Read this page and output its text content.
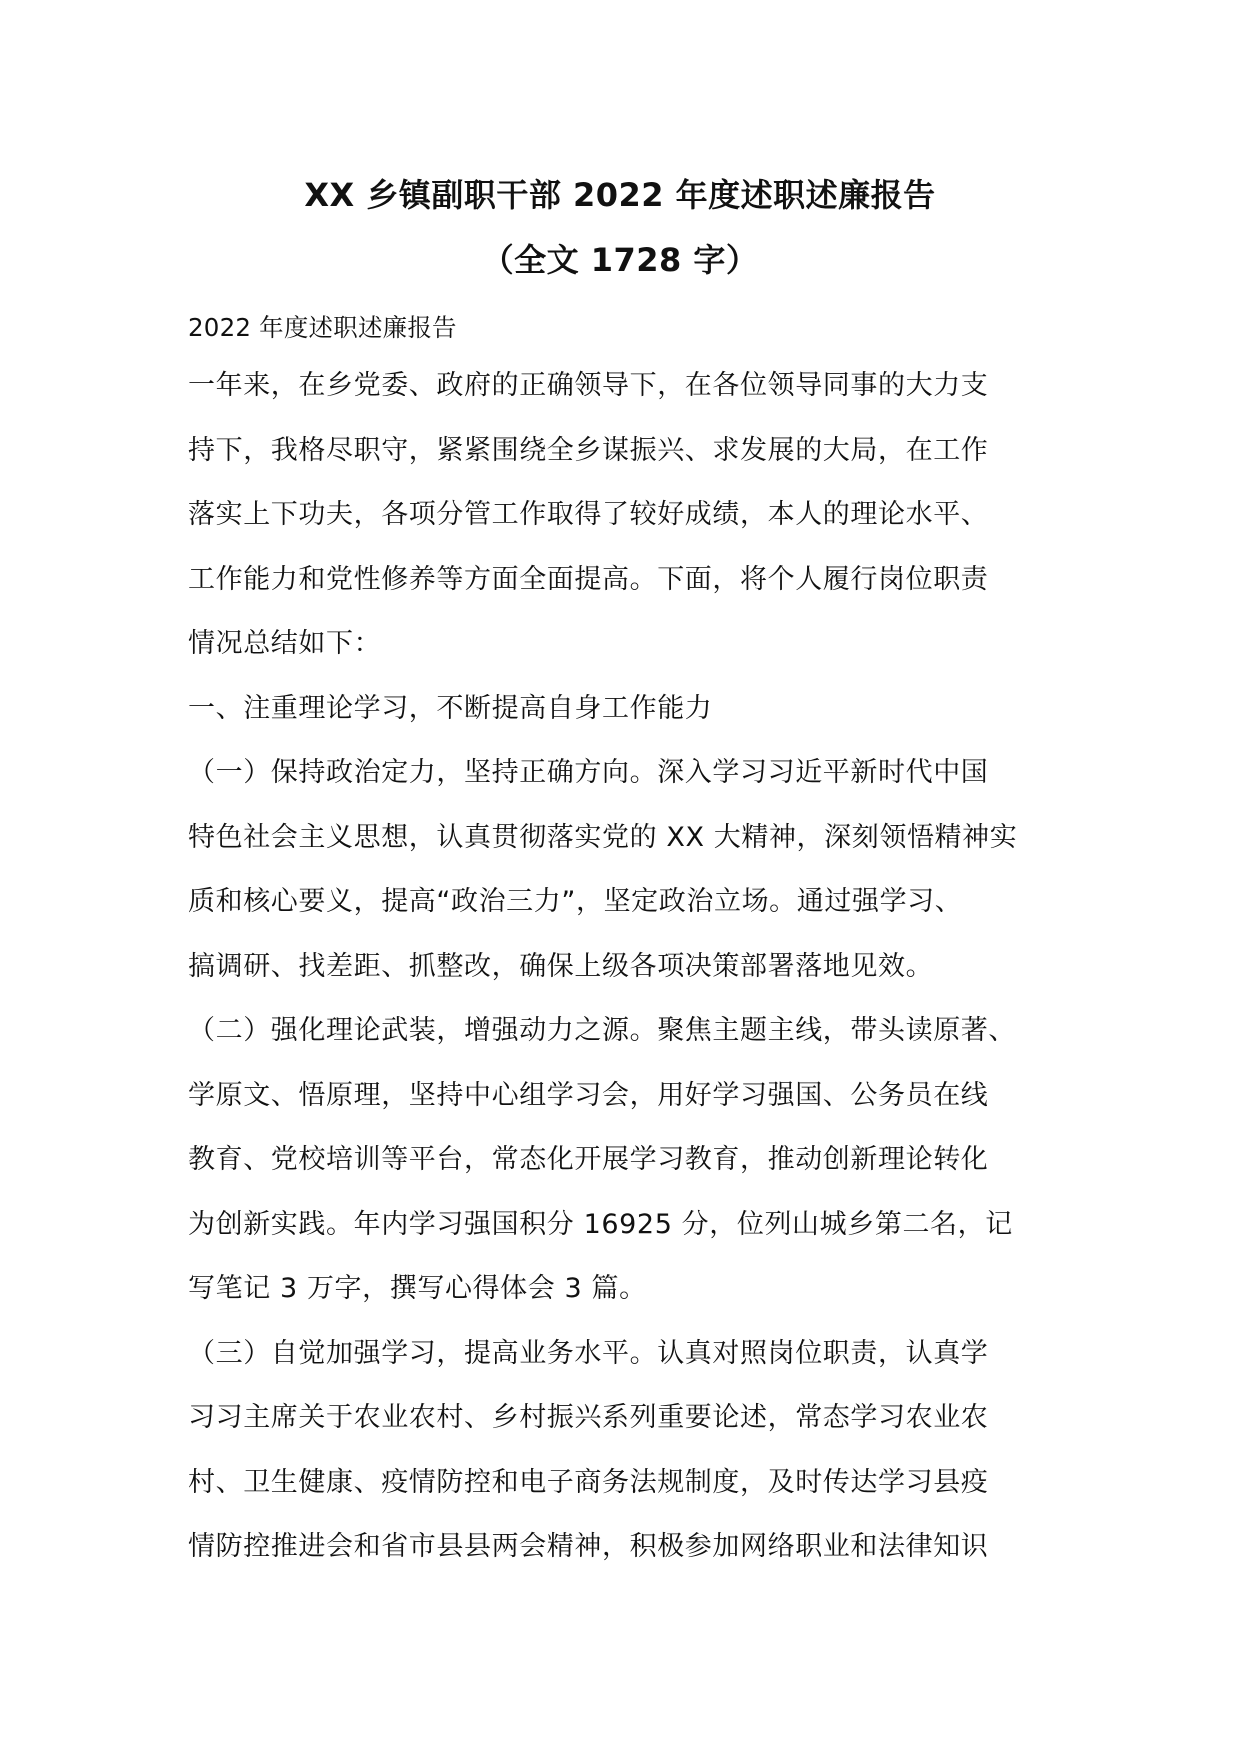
XX 乡镇副职干部 2022 年度述职述廉报告
（全文 1728 字）
2022 年度述职述廉报告
一年来，在乡党委、政府的正确领导下，在各位领导同事的大力支
持下，我格尽职守，紧紧围绕全乡谋振兴、求发展的大局，在工作
落实上下功夫，各项分管工作取得了较好成绩，本人的理论水平、
工作能力和党性修养等方面全面提高。下面，将个人履行岗位职责
情况总结如下：
一、注重理论学习，不断提高自身工作能力
（一）保持政治定力，坚持正确方向。深入学习习近平新时代中国
特色社会主义思想，认真贯彻落实党的 XX 大精神，深刻领悟精神实
质和核心要义，提高“政治三力”，坚定政治立场。通过强学习、
搞调研、找差距、抓整改，确保上级各项决策部署落地见效。
（二）强化理论武装，增强动力之源。聚焦主题主线，带头读原著、
学原文、悟原理，坚持中心组学习会，用好学习强国、公务员在线
教育、党校培训等平台，常态化开展学习教育，推动创新理论转化
为创新实践。年内学习强国积分 16925 分，位列山城乡第二名，记
写笔记 3 万字，撰写心得体会 3 篇。
（三）自觉加强学习，提高业务水平。认真对照岗位职责，认真学
习习主席关于农业农村、乡村振兴系列重要论述，常态学习农业农
村、卫生健康、疫情防控和电子商务法规制度，及时传达学习县疫
情防控推进会和省市县县两会精神，积极参加网络职业和法律知识
